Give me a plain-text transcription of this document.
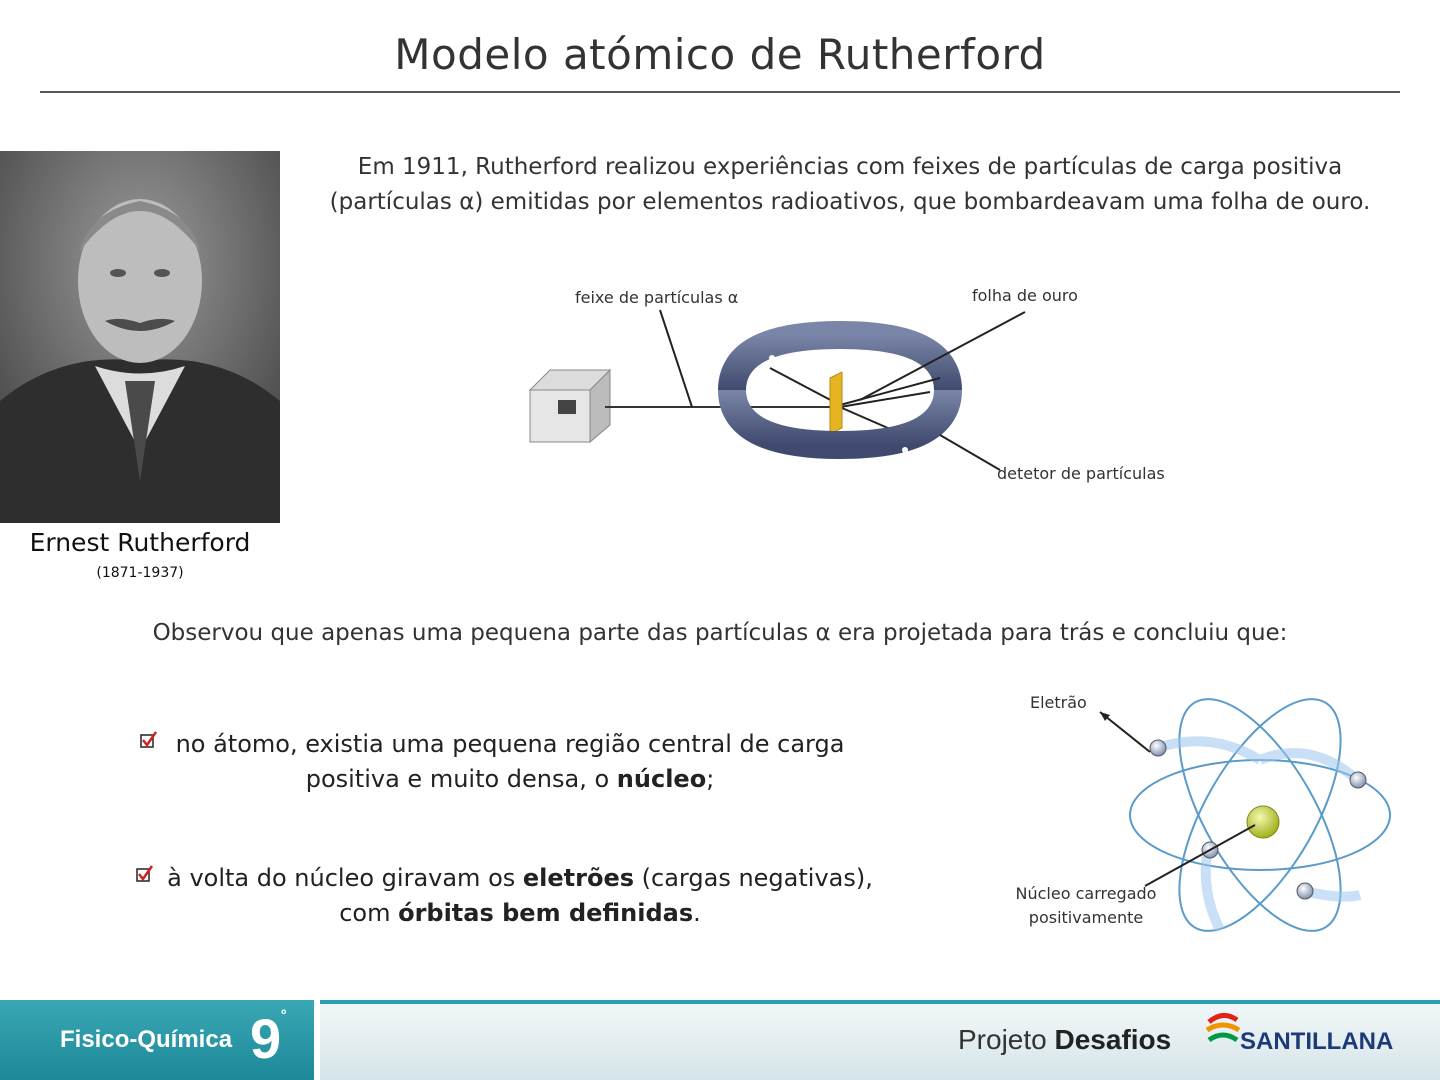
Modelo atómico de Rutherford
Ernest Rutherford
(1871-1937)
Em 1911, Rutherford realizou experiências com feixes de partículas de carga positiva
(partículas α) emitidas por elementos radioativos, que bombardeavam uma folha de ouro.
feixe de partículas α	folha de ouro
detetor de partículas
Observou que apenas uma pequena parte das partículas α era projetada para trás e concluiu que:
no átomo, existia uma pequena região central de carga
positiva e muito densa, o núcleo;
à volta do núcleo giravam os eletrões (cargas negativas),
com órbitas bem definidas.
Eletrão
Núcleo carregado
positivamente
Fisico-Química $9^º$
Projeto Desafios	SANTILLANA
